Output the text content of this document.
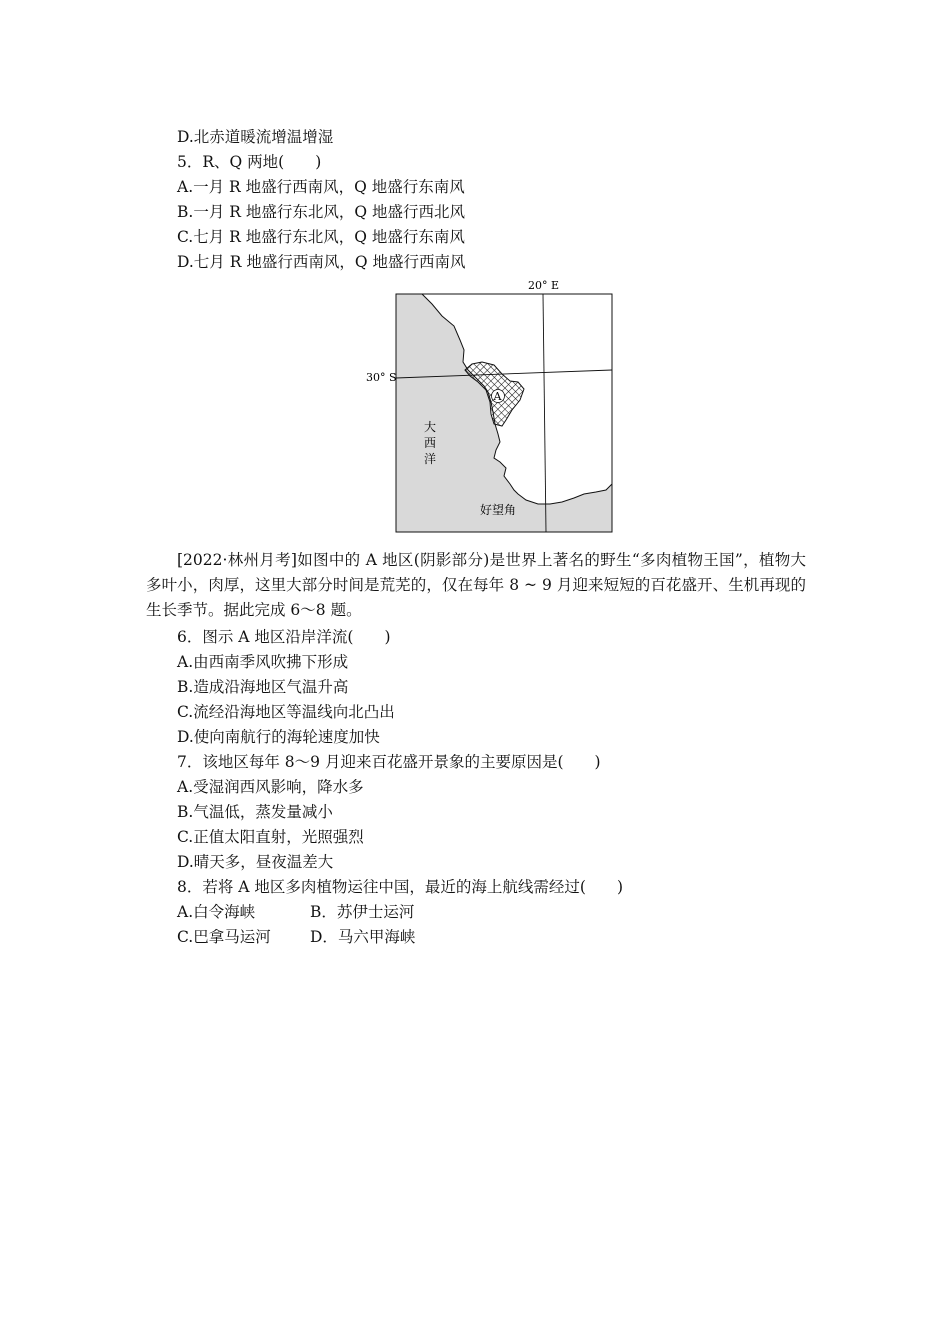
D.北赤道暖流增温增湿
5．R、Q 两地(　　)
A.一月 R 地盛行西南风，Q 地盛行东南风
B.一月 R 地盛行东北风，Q 地盛行西北风
C.七月 R 地盛行东北风，Q 地盛行东南风
D.七月 R 地盛行西南风，Q 地盛行西南风
20° E
30° S
A
大
西
洋
好望角
[2022·林州月考]如图中的 A 地区(阴影部分)是世界上著名的野生“多肉植物王国”，植物大多叶小，肉厚，这里大部分时间是荒芜的，仅在每年 8 ~ 9 月迎来短短的百花盛开、生机再现的生长季节。据此完成 6～8 题。
6．图示 A 地区沿岸洋流(　　)
A.由西南季风吹拂下形成
B.造成沿海地区气温升高
C.流经沿海地区等温线向北凸出
D.使向南航行的海轮速度加快
7．该地区每年 8～9 月迎来百花盛开景象的主要原因是(　　)
A.受湿润西风影响，降水多
B.气温低，蒸发量减小
C.正值太阳直射，光照强烈
D.晴天多，昼夜温差大
8．若将 A 地区多肉植物运往中国，最近的海上航线需经过(　　)
A.白令海峡	B．苏伊士运河
C.巴拿马运河	D．马六甲海峡
